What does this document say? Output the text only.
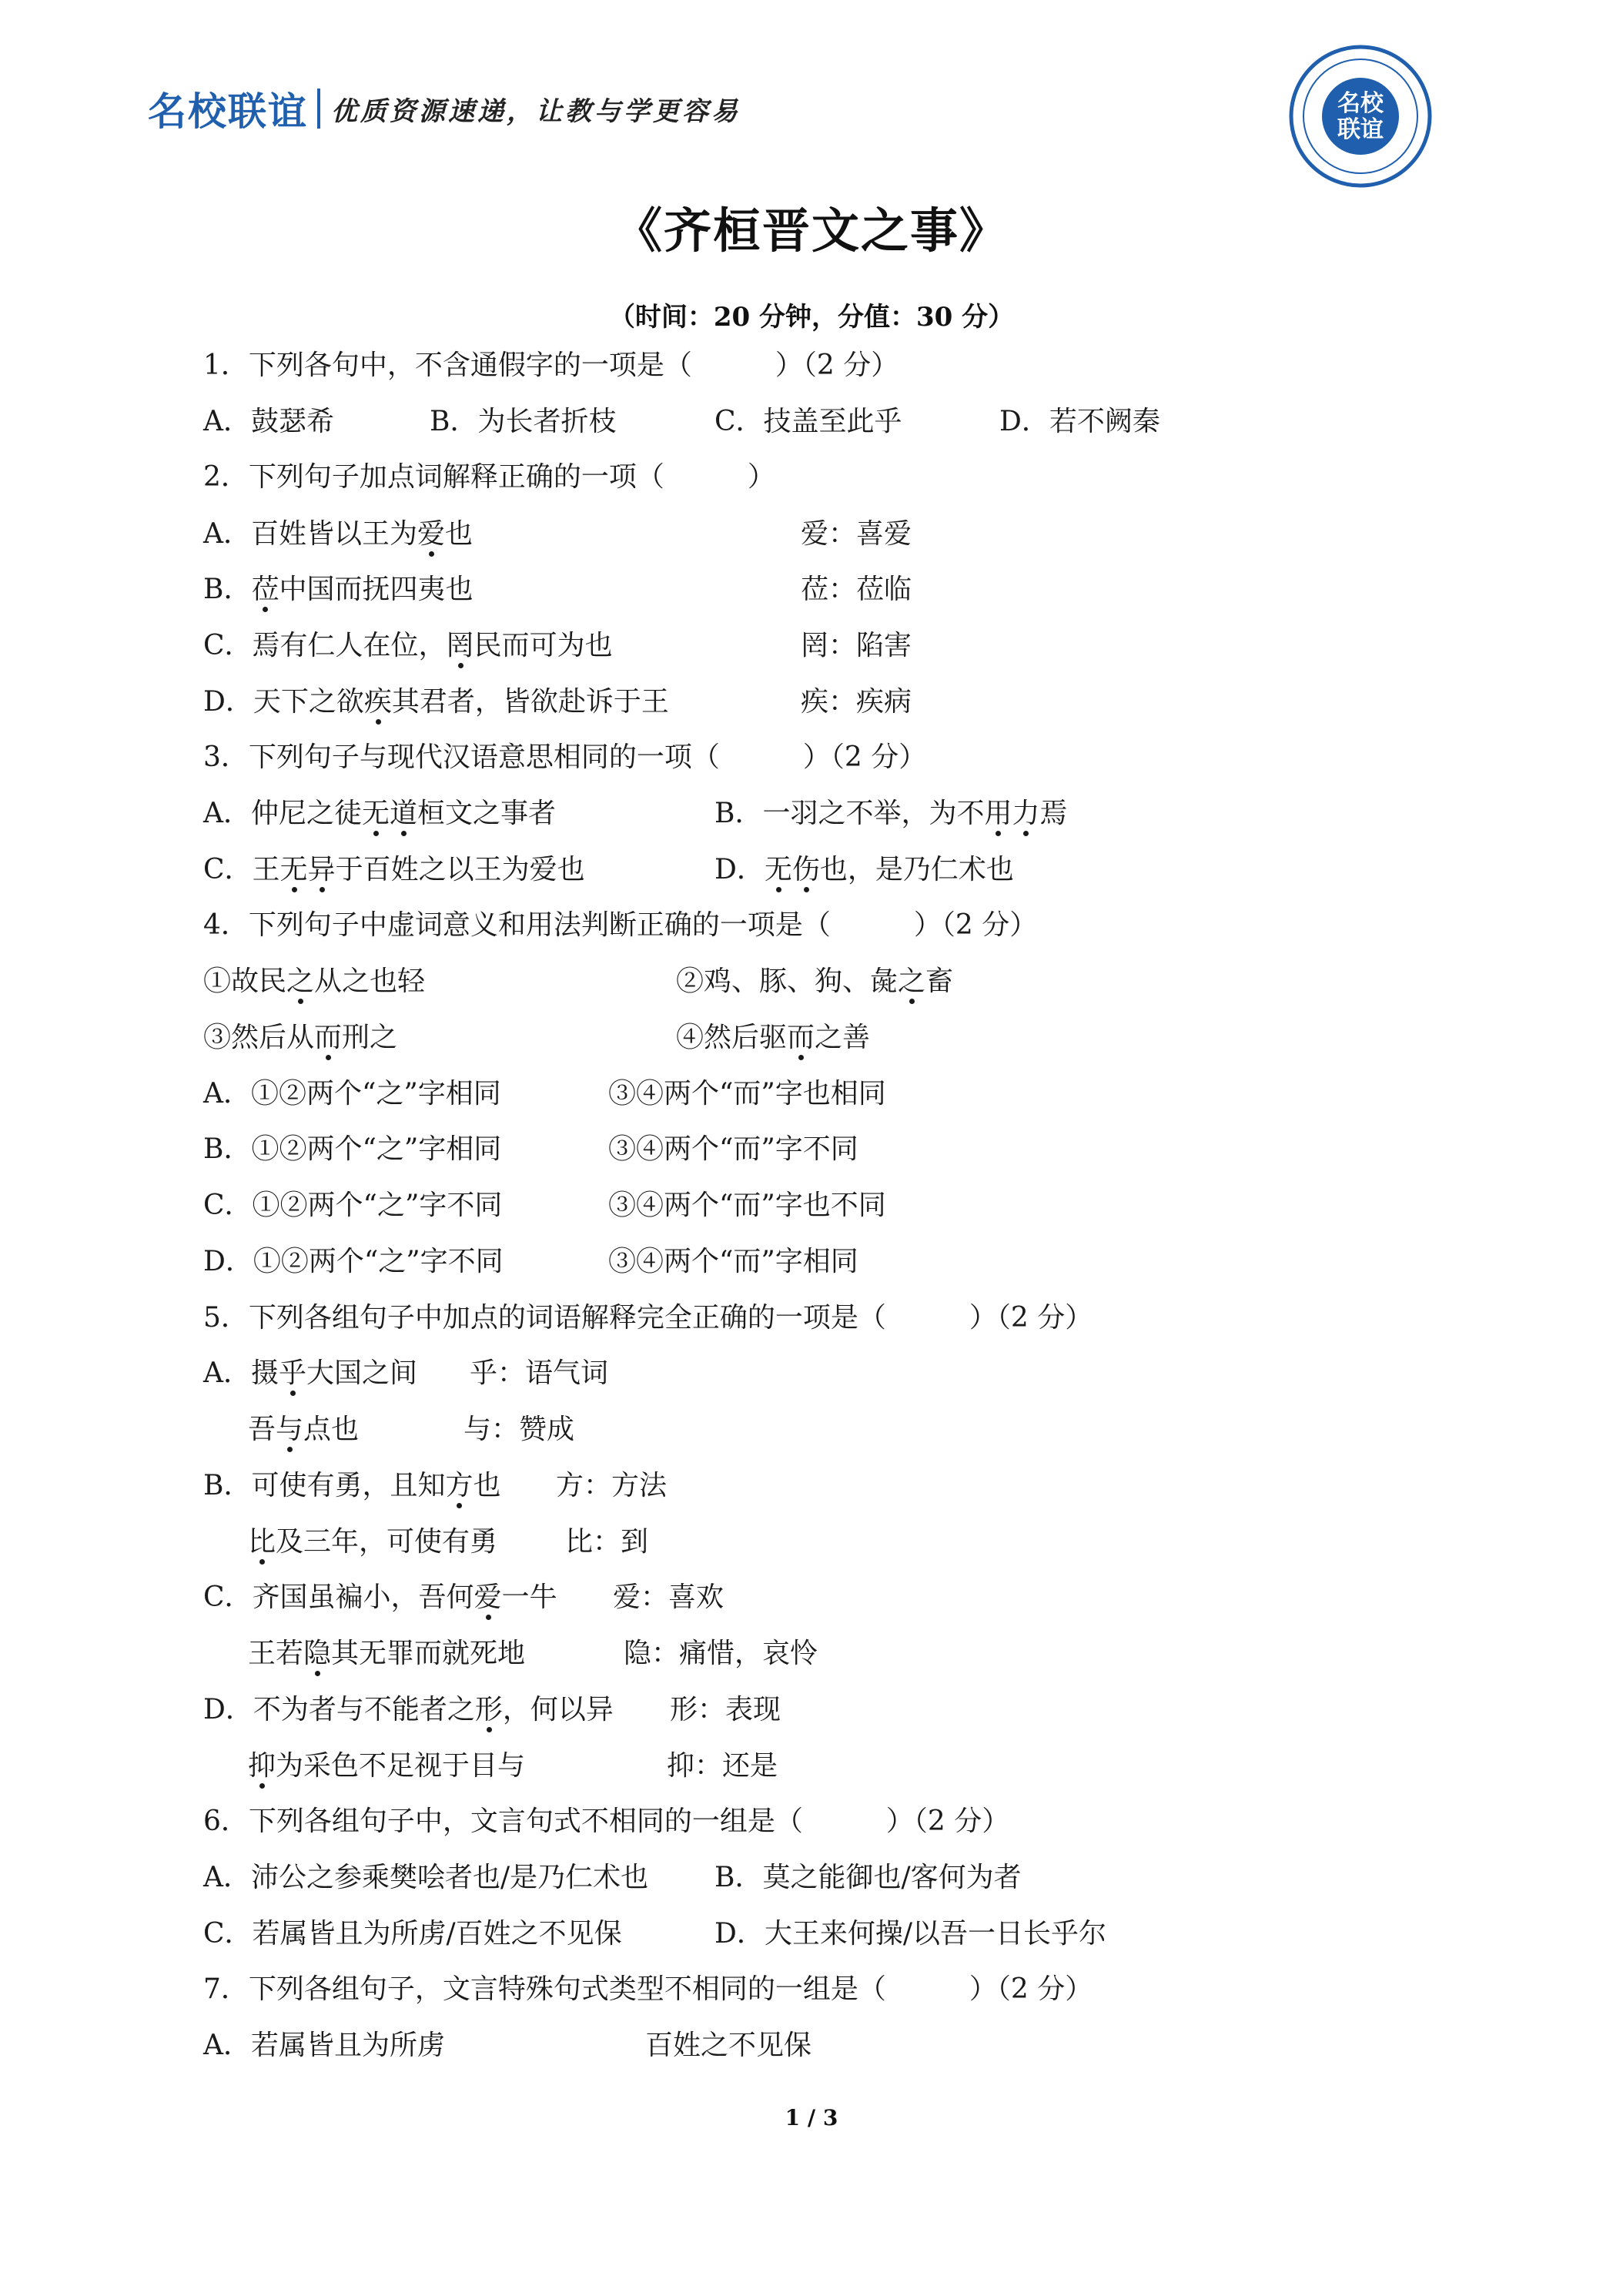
名校联谊 优质资源速递，让教与学更容易	名校
联谊
《齐桓晋文之事》
（时间：20 分钟，分值：30 分）
1．下列各句中，不含通假字的一项是（　　　）（2 分）
A．鼓瑟希	B．为长者折枝	C．技盖至此乎	D．若不阙秦
2．下列句子加点词解释正确的一项（　　　）
A．百姓皆以王为爱也	爱：喜爱
B．莅中国而抚四夷也	莅：莅临
C．焉有仁人在位，罔民而可为也	罔：陷害
D．天下之欲疾其君者，皆欲赴诉于王	疾：疾病
3．下列句子与现代汉语意思相同的一项（　　　）（2 分）
A．仲尼之徒无道桓文之事者	B．一羽之不举，为不用力焉
C．王无异于百姓之以王为爱也	D．无伤也，是乃仁术也
4．下列句子中虚词意义和用法判断正确的一项是（　　　）（2 分）
①故民之从之也轻	②鸡、豚、狗、彘之畜
③然后从而刑之	④然后驱而之善
A．①②两个“之”字相同	③④两个“而”字也相同
B．①②两个“之”字相同	③④两个“而”字不同
C．①②两个“之”字不同	③④两个“而”字也不同
D．①②两个“之”字不同	③④两个“而”字相同
5．下列各组句子中加点的词语解释完全正确的一项是（　　　）（2 分）
A．摄乎大国之间 乎：语气词
吾与点也	与：赞成
B．可使有勇，且知方也 方：方法
比及三年，可使有勇 比：到
C．齐国虽褊小，吾何爱一牛 爱：喜欢
王若隐其无罪而就死地	隐：痛惜，哀怜
D．不为者与不能者之形，何以异 形：表现
抑为采色不足视于目与	抑：还是
6．下列各组句子中，文言句式不相同的一组是（　　　）（2 分）
A．沛公之参乘樊哙者也/是乃仁术也 B．莫之能御也/客何为者
C．若属皆且为所虏/百姓之不见保	D．大王来何操/以吾一日长乎尔
7．下列各组句子，文言特殊句式类型不相同的一组是（　　　）（2 分）
A．若属皆且为所虏	百姓之不见保
1 / 3
